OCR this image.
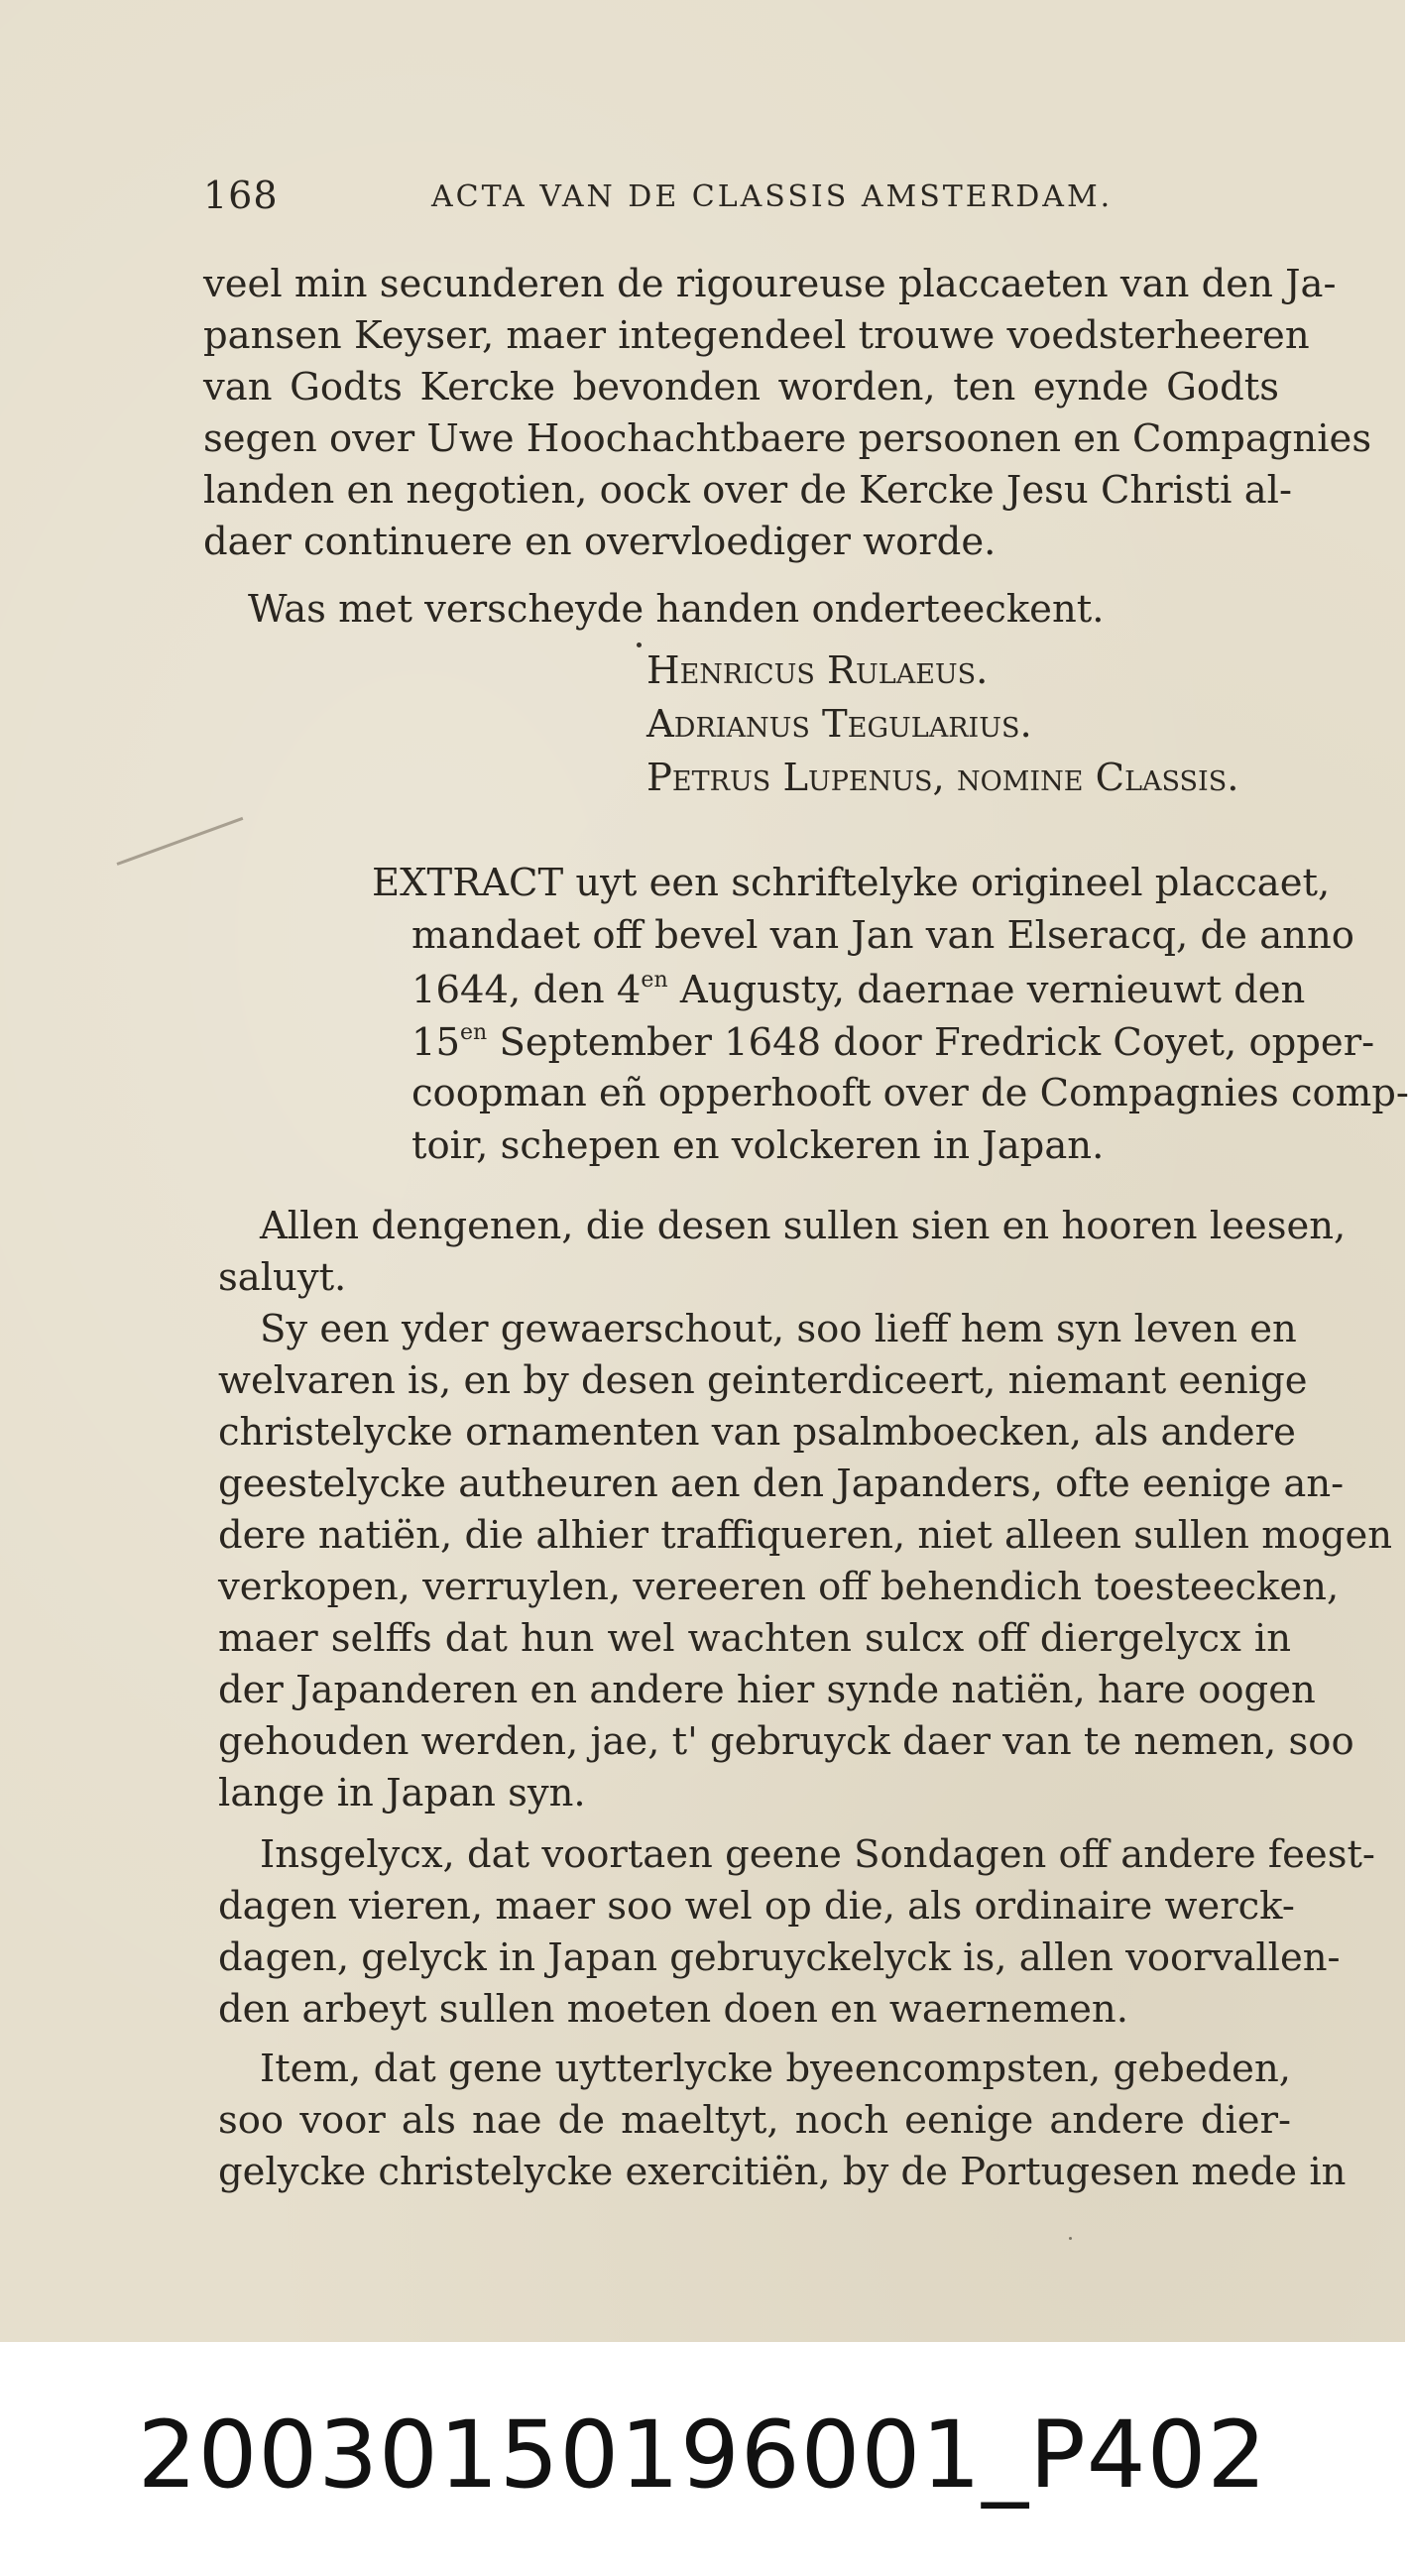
168	ACTA VAN DE CLASSIS AMSTERDAM.
veel min secunderen de rigoureuse placcaeten van den Ja-
pansen Keyser, maer integendeel trouwe voedsterheeren
van Godts Kercke bevonden worden, ten eynde Godts
segen over Uwe Hoochachtbaere persoonen en Compagnies
landen en negotien, oock over de Kercke Jesu Christi al-
daer continuere en overvloediger worde.
Was met verscheyde handen onderteeckent.
Henricus Rulaeus.
Adrianus Tegularius.
Petrus Lupenus, nomine Classis.
EXTRACT uyt een schriftelyke origineel placcaet,
mandaet off bevel van Jan van Elseracq, de anno
1644, den $4^{en}$ Augusty, daernae vernieuwt den
$15^{en}$ September 1648 door Fredrick Coyet, opper-
coopman eñ opperhooft over de Compagnies comp-
toir, schepen en volckeren in Japan.
Allen dengenen, die desen sullen sien en hooren leesen,
saluyt.
Sy een yder gewaerschout, soo lieff hem syn leven en
welvaren is, en by desen geinterdiceert, niemant eenige
christelycke ornamenten van psalmboecken, als andere
geestelycke autheuren aen den Japanders, ofte eenige an-
dere natiën, die alhier traffiqueren, niet alleen sullen mogen
verkopen, verruylen, vereeren off behendich toesteecken,
maer selffs dat hun wel wachten sulcx off diergelycx in
der Japanderen en andere hier synde natiën, hare oogen
gehouden werden, jae, t' gebruyck daer van te nemen, soo
lange in Japan syn.
Insgelycx, dat voortaen geene Sondagen off andere feest-
dagen vieren, maer soo wel op die, als ordinaire werck-
dagen, gelyck in Japan gebruyckelyck is, allen voorvallen-
den arbeyt sullen moeten doen en waernemen.
Item, dat gene uytterlycke byeencompsten, gebeden,
soo voor als nae de maeltyt, noch eenige andere dier-
gelycke christelycke exercitiën, by de Portugesen mede in
20030150196001_P402
